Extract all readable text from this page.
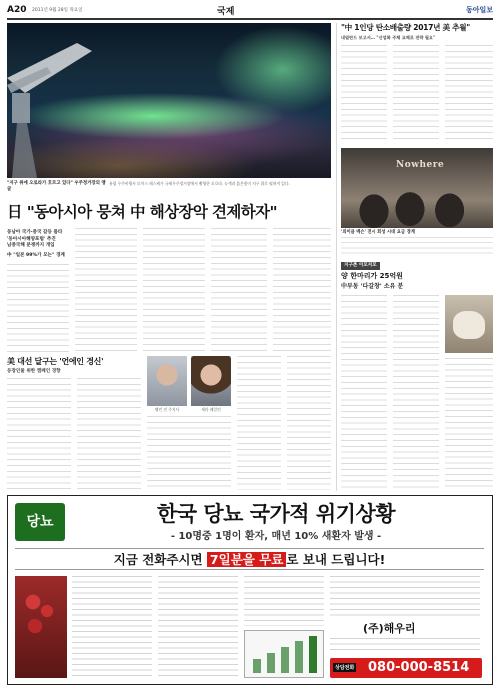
A20 2011년 9월 28일 목요일	국제	동아일보
"지구 위에 오로라가 흐르고 있다" 우주정거장의 앵글
유럽 우주비행사 토마스 페스케가 국제우주정거장에서 촬영한 오로라. 녹색과 붉은빛이 지구 위로 펼쳐져 있다.
日 "동아시아 뭉쳐 中 해상장악 견제하자"
동남아 국가·중국 갈등 틈타
'동아시아해양포럼' 추진
남중국해 분쟁까지 개입
中 "일본 99%가 모는" 경계
美 대선 달구는 '언에인 경신'
등장인물 위한 캠페인 경향
팰린 전 주지사	세라 페일린
"中 1인당 탄소배출량 2017년 美 추월"
네덜란드 보고서… "산업화 주체 교체로 전략 필요"
Nowhere
'외이큼 멕슨' 전시 회성 시대 요금 경계
지구촌 이모저모
양 한마리가 25억원
中부동 '다갈창' 소유 분
당뇨	한국 당뇨 국가적 위기상황
- 10명중 1명이 환자, 매년 10% 새환자 발생 -
지금 전화주시면 7일분을 무료 로 보내 드립니다!
(주)해우리
상담전화 080-000-8514
